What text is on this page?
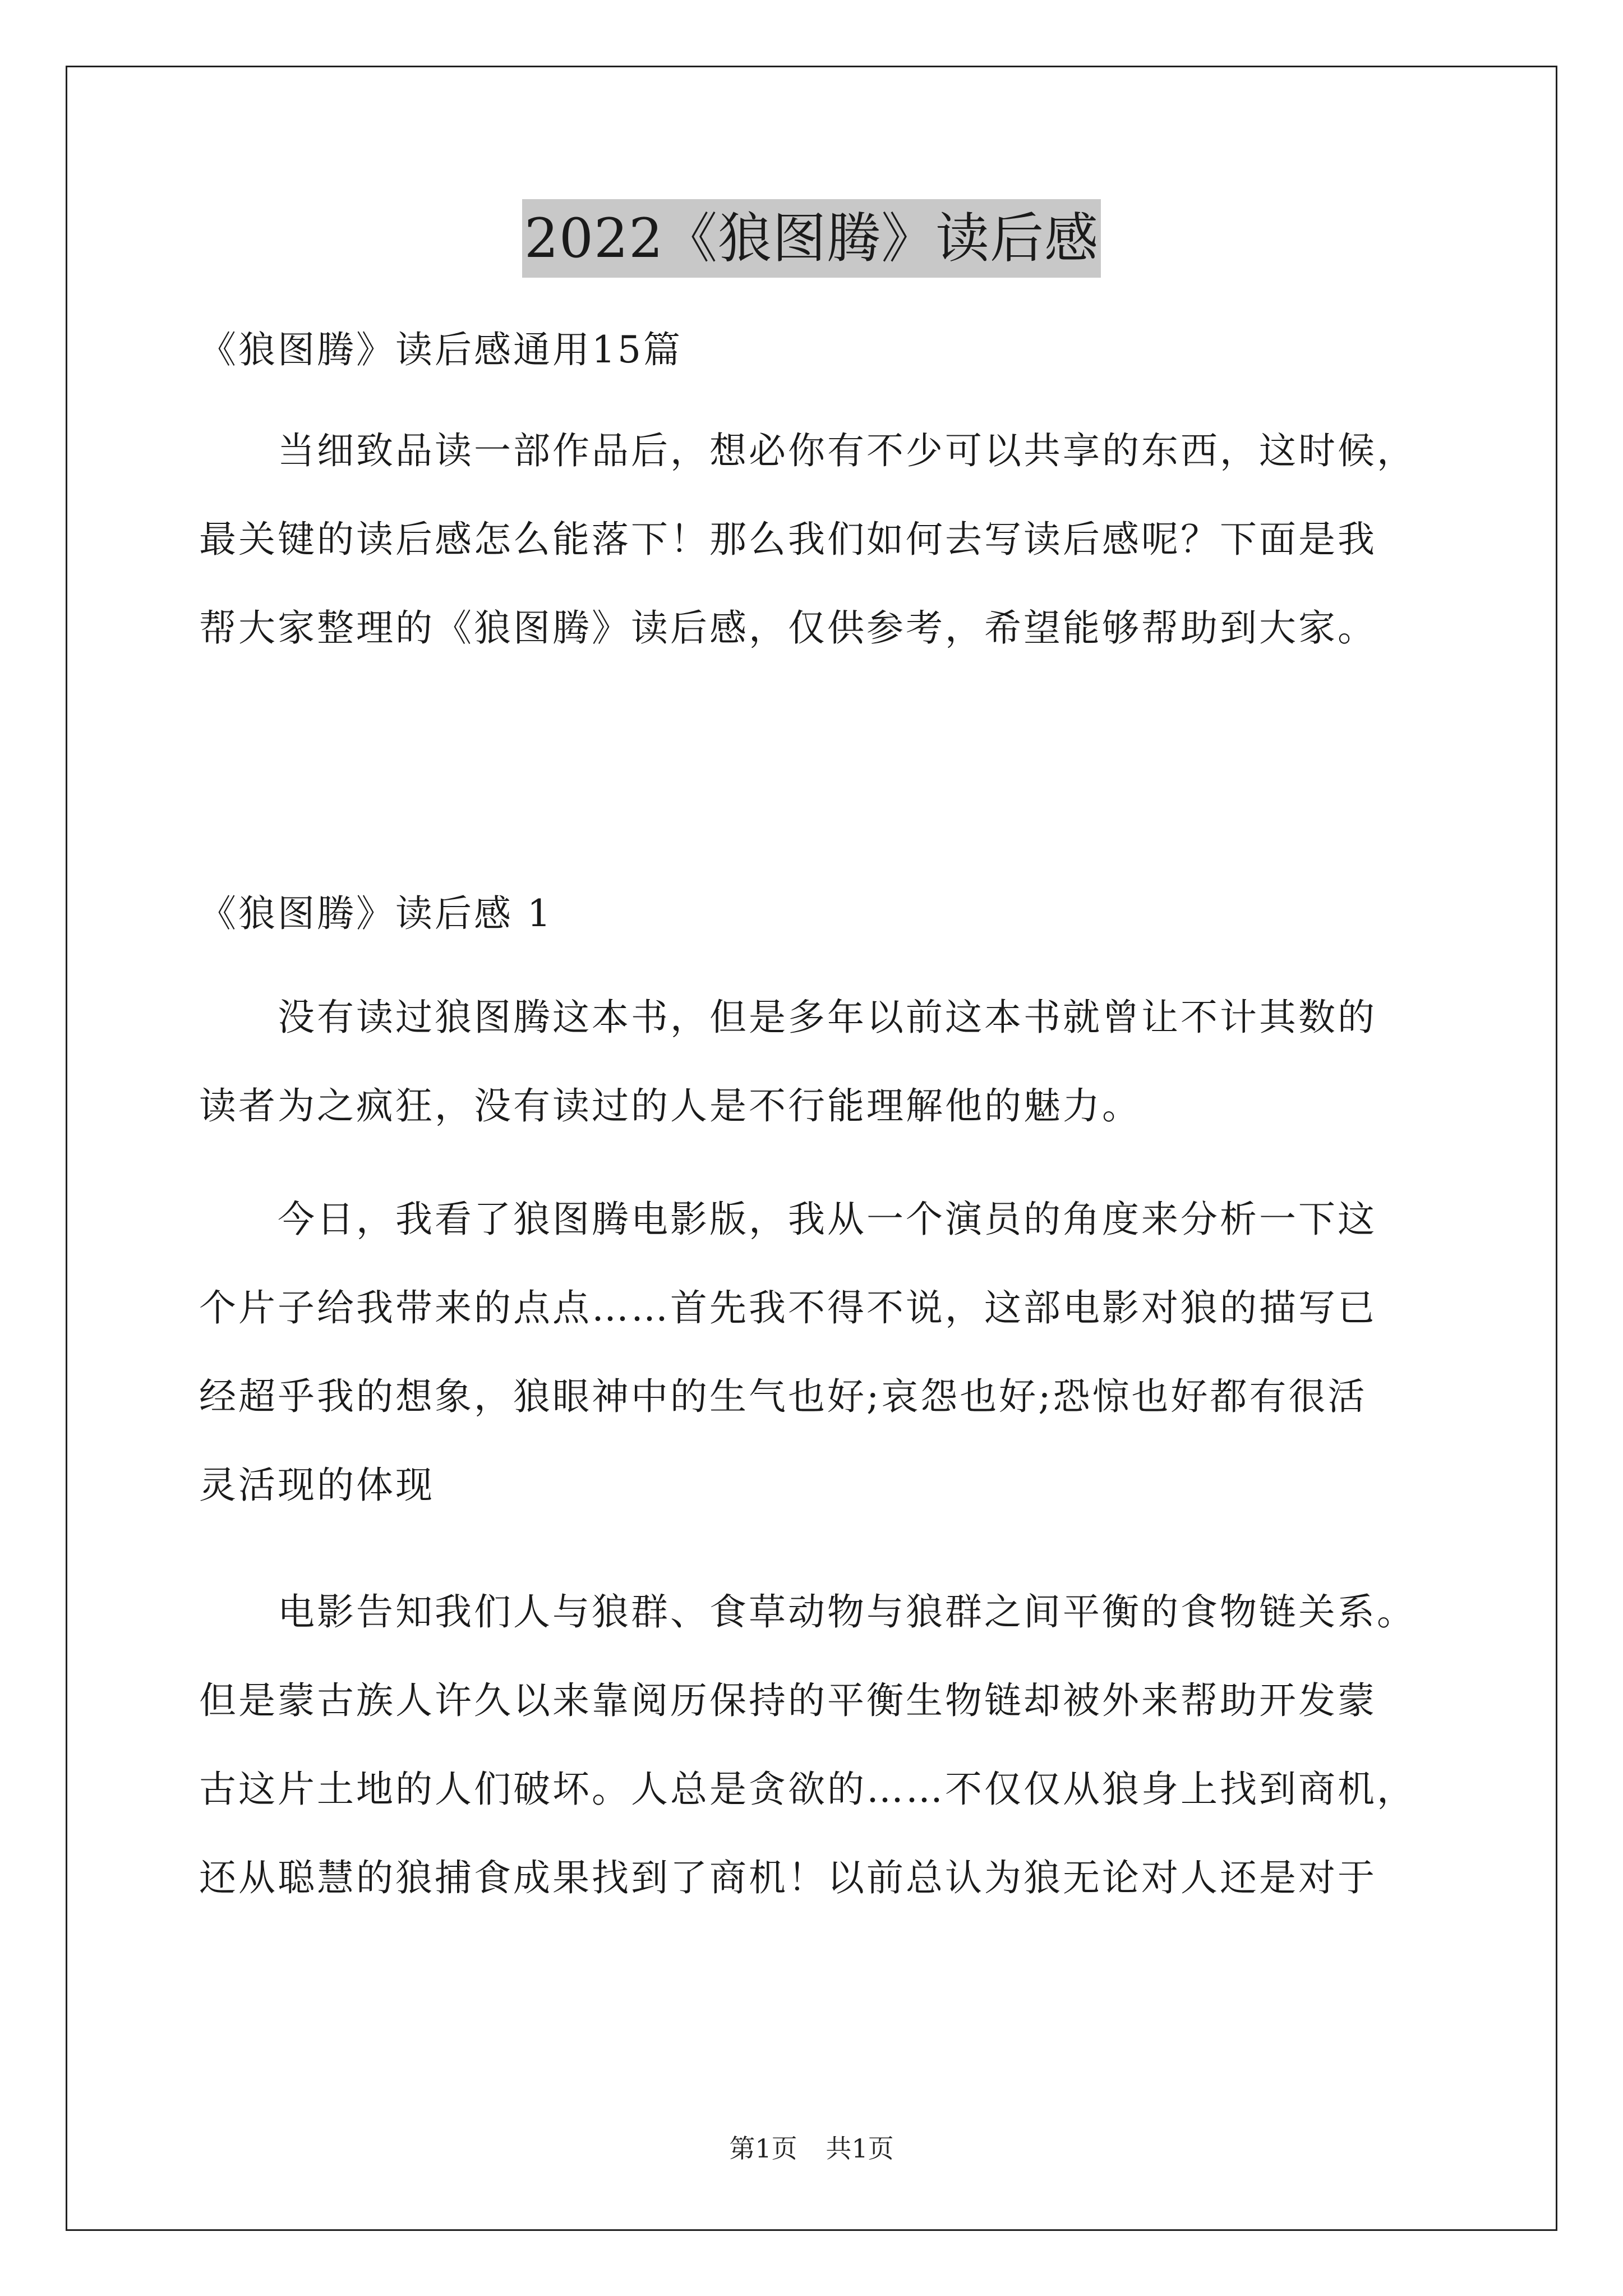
2022《狼图腾》读后感
《狼图腾》读后感通用15篇
当细致品读一部作品后，想必你有不少可以共享的东西，这时候，
最关键的读后感怎么能落下！那么我们如何去写读后感呢？下面是我
帮大家整理的《狼图腾》读后感，仅供参考，希望能够帮助到大家。
《狼图腾》读后感 1
没有读过狼图腾这本书，但是多年以前这本书就曾让不计其数的
读者为之疯狂，没有读过的人是不行能理解他的魅力。
今日，我看了狼图腾电影版，我从一个演员的角度来分析一下这
个片子给我带来的点点……首先我不得不说，这部电影对狼的描写已
经超乎我的想象，狼眼神中的生气也好;哀怨也好;恐惊也好都有很活
灵活现的体现
电影告知我们人与狼群、食草动物与狼群之间平衡的食物链关系。
但是蒙古族人许久以来靠阅历保持的平衡生物链却被外来帮助开发蒙
古这片土地的人们破坏。人总是贪欲的……不仅仅从狼身上找到商机，
还从聪慧的狼捕食成果找到了商机！以前总认为狼无论对人还是对于
第1页 共1页
